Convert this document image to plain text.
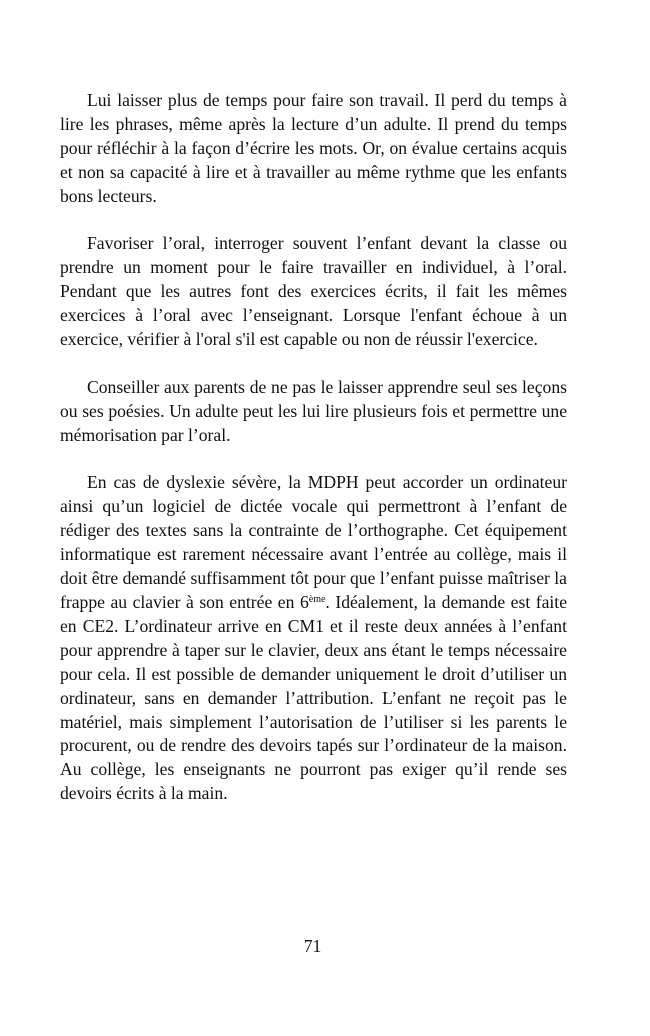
Lui laisser plus de temps pour faire son travail. Il perd du temps à lire les phrases, même après la lecture d’un adulte. Il prend du temps pour réfléchir à la façon d’écrire les mots. Or, on évalue certains acquis et non sa capacité à lire et à travailler au même rythme que les enfants bons lecteurs.

Favoriser l’oral, interroger souvent l’enfant devant la classe ou prendre un moment pour le faire travailler en individuel, à l’oral. Pendant que les autres font des exercices écrits, il fait les mêmes exercices à l’oral avec l’enseignant. Lorsque l'enfant échoue à un exercice, vérifier à l'oral s'il est capable ou non de réussir l'exercice.

Conseiller aux parents de ne pas le laisser apprendre seul ses leçons ou ses poésies. Un adulte peut les lui lire plusieurs fois et permettre une mémorisation par l’oral.

En cas de dyslexie sévère, la MDPH peut accorder un ordinateur ainsi qu’un logiciel de dictée vocale qui permettront à l’enfant de rédiger des textes sans la contrainte de l’orthographe. Cet équipement informatique est rarement nécessaire avant l’entrée au collège, mais il doit être demandé suffisamment tôt pour que l’enfant puisse maîtriser la frappe au clavier à son entrée en 6ème. Idéalement, la demande est faite en CE2. L’ordinateur arrive en CM1 et il reste deux années à l’enfant pour apprendre à taper sur le clavier, deux ans étant le temps nécessaire pour cela. Il est possible de demander uniquement le droit d’utiliser un ordinateur, sans en demander l’attribution. L’enfant ne reçoit pas le matériel, mais simplement l’autorisation de l’utiliser si les parents le procurent, ou de rendre des devoirs tapés sur l’ordinateur de la maison. Au collège, les enseignants ne pourront pas exiger qu’il rende ses devoirs écrits à la main.

71
